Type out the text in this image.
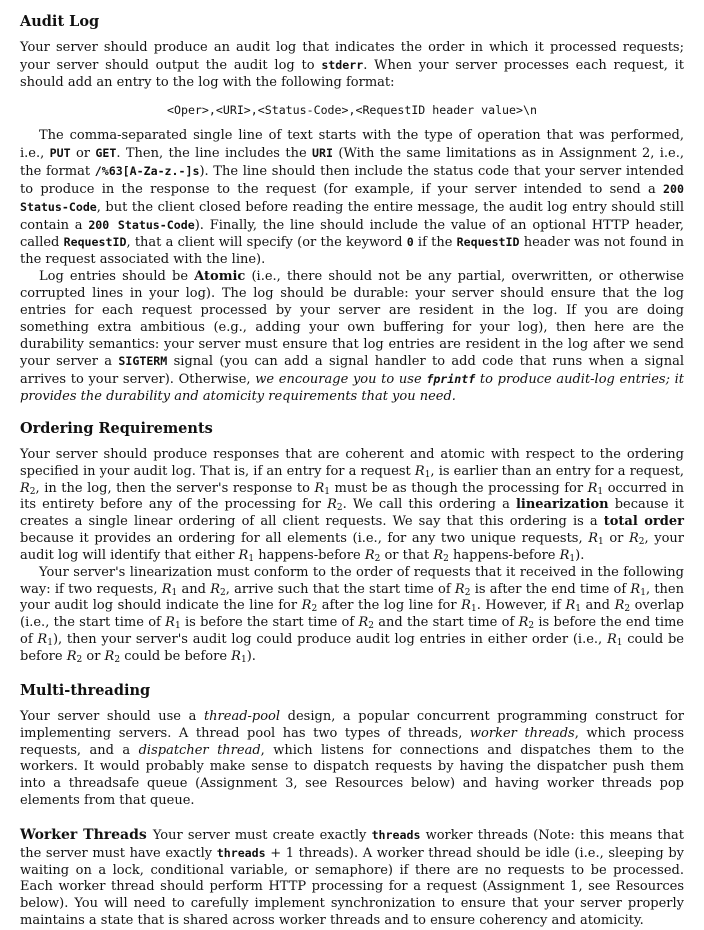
Audit Log

Your server should produce an audit log that indicates the order in which it processed requests; your server should output the audit log to stderr. When your server processes each request, it should add an entry to the log with the following format:

<Oper>,<URI>,<Status-Code>,<RequestID header value>\n

The comma-separated single line of text starts with the type of operation that was performed, i.e., PUT or GET. Then, the line includes the URI (With the same limitations as in Assignment 2, i.e., the format /%63[A-Za-z.-]s). The line should then include the status code that your server intended to produce in the response to the request (for example, if your server intended to send a 200 Status-Code, but the client closed before reading the entire message, the audit log entry should still contain a 200 Status-Code). Finally, the line should include the value of an optional HTTP header, called RequestID, that a client will specify (or the keyword 0 if the RequestID header was not found in the request associated with the line).

Log entries should be Atomic (i.e., there should not be any partial, overwritten, or otherwise corrupted lines in your log). The log should be durable: your server should ensure that the log entries for each request processed by your server are resident in the log. If you are doing something extra ambitious (e.g., adding your own buffering for your log), then here are the durability semantics: your server must ensure that log entries are resident in the log after we send your server a SIGTERM signal (you can add a signal handler to add code that runs when a signal arrives to your server). Otherwise, we encourage you to use fprintf to produce audit-log entries; it provides the durability and atomicity requirements that you need.

Ordering Requirements

Your server should produce responses that are coherent and atomic with respect to the ordering specified in your audit log. That is, if an entry for a request $R_1$, is earlier than an entry for a request, $R_2$, in the log, then the server's response to $R_1$ must be as though the processing for $R_1$ occurred in its entirety before any of the processing for $R_2$. We call this ordering a linearization because it creates a single linear ordering of all client requests. We say that this ordering is a total order because it provides an ordering for all elements (i.e., for any two unique requests, $R_1$ or $R_2$, your audit log will identify that either $R_1$ happens-before $R_2$ or that $R_2$ happens-before $R_1$).

Your server's linearization must conform to the order of requests that it received in the following way: if two requests, $R_1$ and $R_2$, arrive such that the start time of $R_2$ is after the end time of $R_1$, then your audit log should indicate the line for $R_2$ after the log line for $R_1$. However, if $R_1$ and $R_2$ overlap (i.e., the start time of $R_1$ is before the start time of $R_2$ and the start time of $R_2$ is before the end time of $R_1$), then your server's audit log could produce audit log entries in either order (i.e., $R_1$ could be before $R_2$ or $R_2$ could be before $R_1$).

Multi-threading

Your server should use a thread-pool design, a popular concurrent programming construct for implementing servers. A thread pool has two types of threads, worker threads, which process requests, and a dispatcher thread, which listens for connections and dispatches them to the workers. It would probably make sense to dispatch requests by having the dispatcher push them into a threadsafe queue (Assignment 3, see Resources below) and having worker threads pop elements from that queue.

Worker Threads Your server must create exactly threads worker threads (Note: this means that the server must have exactly threads + 1 threads). A worker thread should be idle (i.e., sleeping by waiting on a lock, conditional variable, or semaphore) if there are no requests to be processed. Each worker thread should perform HTTP processing for a request (Assignment 1, see Resources below). You will need to carefully implement synchronization to ensure that your server properly maintains a state that is shared across worker threads and to ensure coherency and atomicity.
